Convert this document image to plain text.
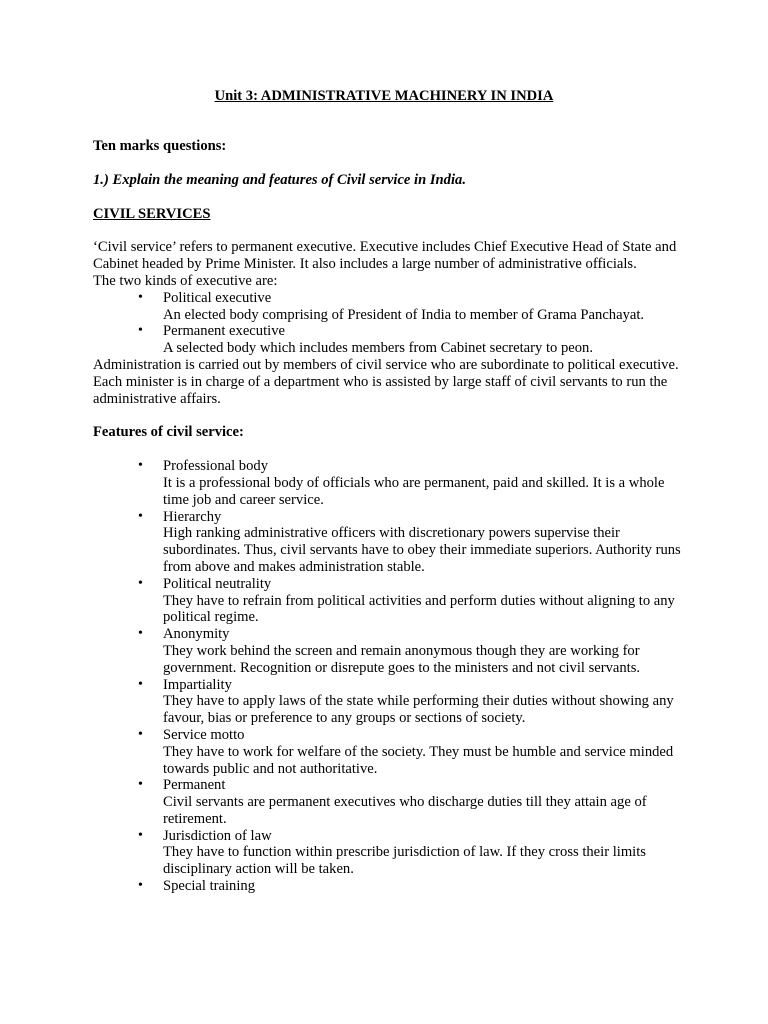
Unit 3: ADMINISTRATIVE MACHINERY IN INDIA

Ten marks questions:

1.) Explain the meaning and features of Civil service in India.

CIVIL SERVICES

‘Civil service’ refers to permanent executive. Executive includes Chief Executive Head of State and Cabinet headed by Prime Minister. It also includes a large number of administrative officials.

The two kinds of executive are:

• Political executive
An elected body comprising of President of India to member of Grama Panchayat.
• Permanent executive
A selected body which includes members from Cabinet secretary to peon.

Administration is carried out by members of civil service who are subordinate to political executive. Each minister is in charge of a department who is assisted by large staff of civil servants to run the administrative affairs.

Features of civil service:

• Professional body
It is a professional body of officials who are permanent, paid and skilled. It is a whole time job and career service.
• Hierarchy
High ranking administrative officers with discretionary powers supervise their subordinates. Thus, civil servants have to obey their immediate superiors. Authority runs from above and makes administration stable.
• Political neutrality
They have to refrain from political activities and perform duties without aligning to any political regime.
• Anonymity
They work behind the screen and remain anonymous though they are working for government. Recognition or disrepute goes to the ministers and not civil servants.
• Impartiality
They have to apply laws of the state while performing their duties without showing any favour, bias or preference to any groups or sections of society.
• Service motto
They have to work for welfare of the society. They must be humble and service minded towards public and not authoritative.
• Permanent
Civil servants are permanent executives who discharge duties till they attain age of retirement.
• Jurisdiction of law
They have to function within prescribe jurisdiction of law. If they cross their limits disciplinary action will be taken.
• Special training
